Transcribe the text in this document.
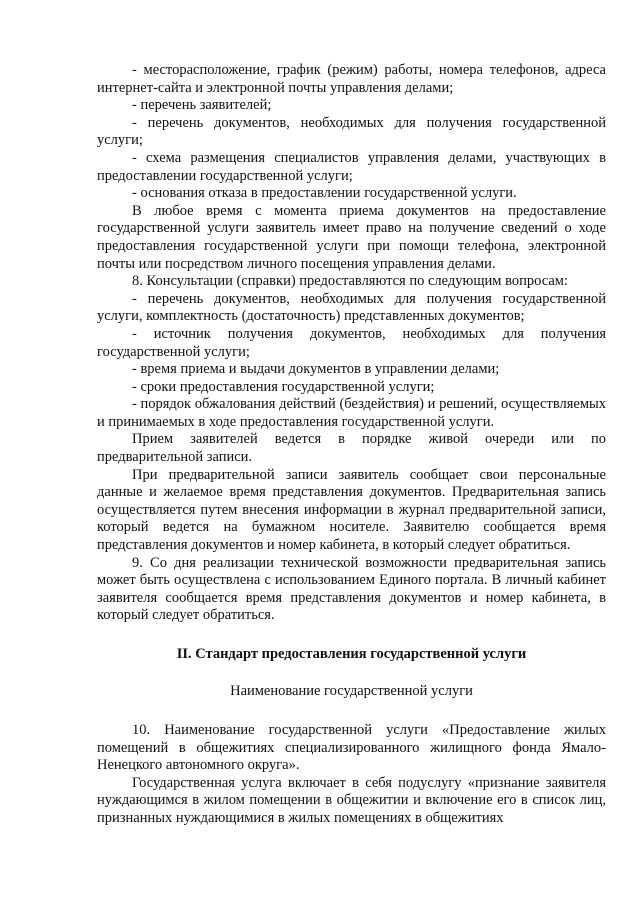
- месторасположение, график (режим) работы, номера телефонов, адреса интернет-сайта и электронной почты управления делами;

- перечень заявителей;

- перечень документов, необходимых для получения государственной услуги;

- схема размещения специалистов управления делами, участвующих в предоставлении государственной услуги;

- основания отказа в предоставлении государственной услуги.

В любое время с момента приема документов на предоставление государственной услуги заявитель имеет право на получение сведений о ходе предоставления государственной услуги при помощи телефона, электронной почты или посредством личного посещения управления делами.

8. Консультации (справки) предоставляются по следующим вопросам:

- перечень документов, необходимых для получения государственной услуги, комплектность (достаточность) представленных документов;

- источник получения документов, необходимых для получения государственной услуги;

- время приема и выдачи документов в управлении делами;

- сроки предоставления государственной услуги;

- порядок обжалования действий (бездействия) и решений, осуществляемых и принимаемых в ходе предоставления государственной услуги.

Прием заявителей ведется в порядке живой очереди или по предварительной записи.

При предварительной записи заявитель сообщает свои персональные данные и желаемое время представления документов. Предварительная запись осуществляется путем внесения информации в журнал предварительной записи, который ведется на бумажном носителе. Заявителю сообщается время представления документов и номер кабинета, в который следует обратиться.

9. Со дня реализации технической возможности предварительная запись может быть осуществлена с использованием Единого портала. В личный кабинет заявителя сообщается время представления документов и номер кабинета, в который следует обратиться.

II. Стандарт предоставления государственной услуги

Наименование государственной услуги

10. Наименование государственной услуги «Предоставление жилых помещений в общежитиях специализированного жилищного фонда Ямало-Ненецкого автономного округа».

Государственная услуга включает в себя подуслугу «признание заявителя нуждающимся в жилом помещении в общежитии и включение его в список лиц, признанных нуждающимися в жилых помещениях в общежитиях
